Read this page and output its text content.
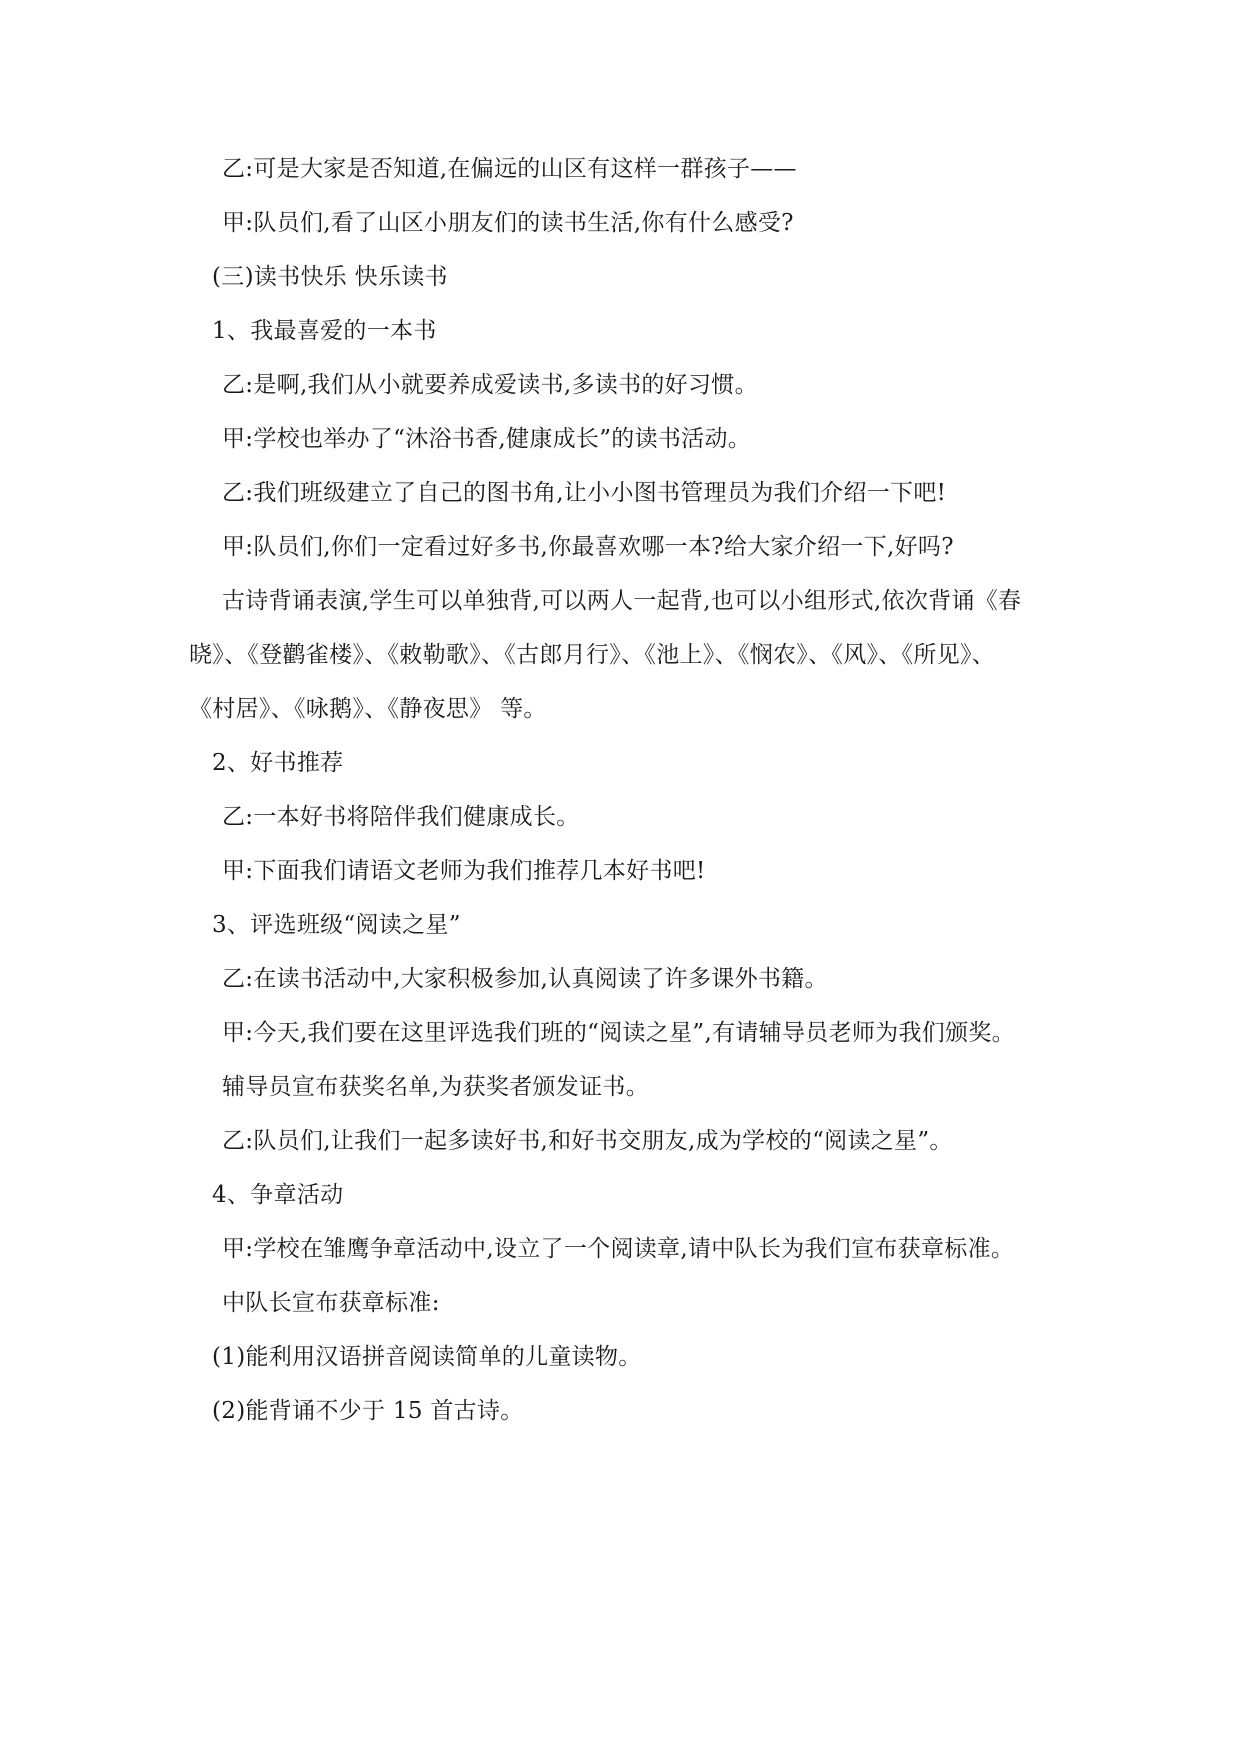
乙:可是大家是否知道,在偏远的山区有这样一群孩子——
甲:队员们,看了山区小朋友们的读书生活,你有什么感受?
(三)读书快乐 快乐读书
1、我最喜爱的一本书
乙:是啊,我们从小就要养成爱读书,多读书的好习惯。
甲:学校也举办了“沐浴书香,健康成长”的读书活动。
乙:我们班级建立了自己的图书角,让小小图书管理员为我们介绍一下吧!
甲:队员们,你们一定看过好多书,你最喜欢哪一本?给大家介绍一下,好吗?
古诗背诵表演,学生可以单独背,可以两人一起背,也可以小组形式,依次背诵《春
晓》、《登鹳雀楼》、《敕勒歌》、《古郎月行》、《池上》、《悯农》、《风》、《所见》、
《村居》、《咏鹅》、《静夜思》 等。
2、好书推荐
乙:一本好书将陪伴我们健康成长。
甲:下面我们请语文老师为我们推荐几本好书吧!
3、评选班级“阅读之星”
乙:在读书活动中,大家积极参加,认真阅读了许多课外书籍。
甲:今天,我们要在这里评选我们班的“阅读之星”,有请辅导员老师为我们颁奖。
辅导员宣布获奖名单,为获奖者颁发证书。
乙:队员们,让我们一起多读好书,和好书交朋友,成为学校的“阅读之星”。
4、争章活动
甲:学校在雏鹰争章活动中,设立了一个阅读章,请中队长为我们宣布获章标准。
中队长宣布获章标准:
(1)能利用汉语拼音阅读简单的儿童读物。
(2)能背诵不少于 15 首古诗。
